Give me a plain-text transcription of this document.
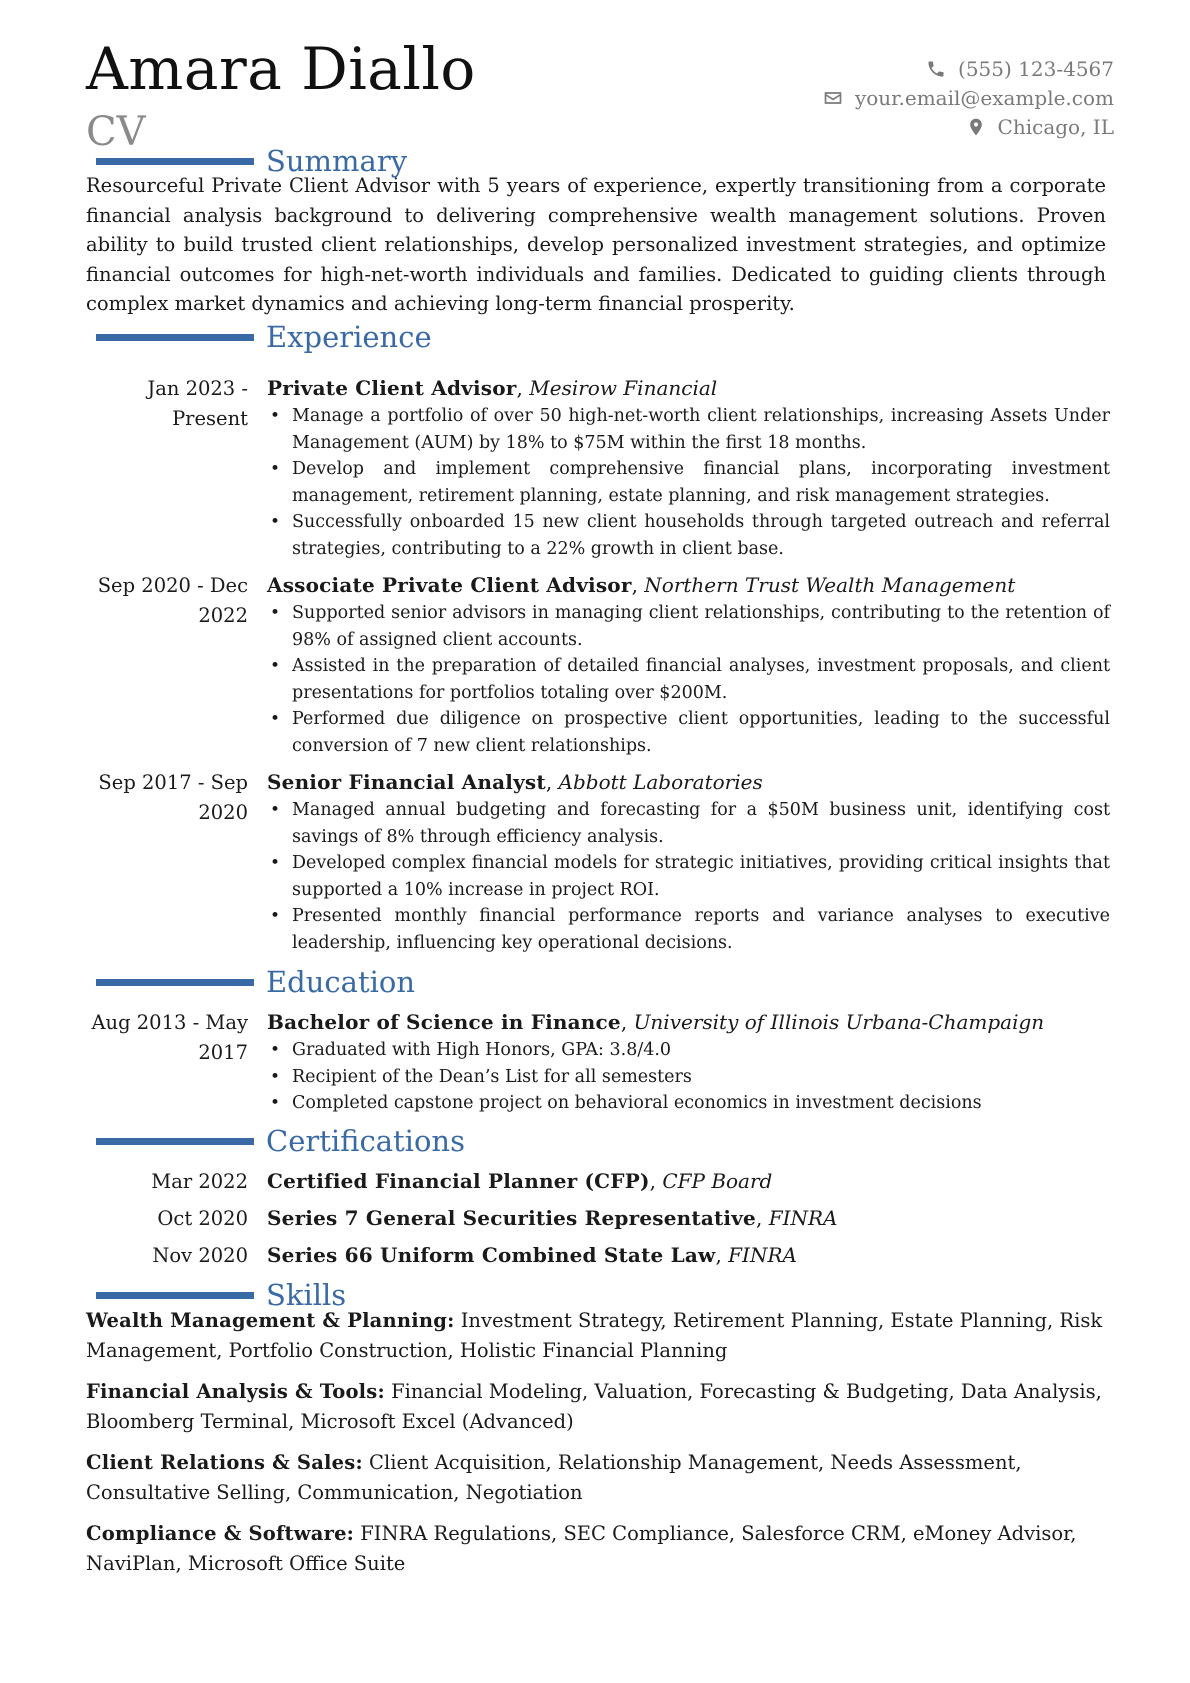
Amara Diallo
CV
(555) 123-4567
your.email@example.com
Chicago, IL
Summary
Resourceful Private Client Advisor with 5 years of experience, expertly transitioning from a corporate financial analysis background to delivering comprehensive wealth management solutions. Proven ability to build trusted client relationships, develop personalized investment strategies, and optimize financial outcomes for high-net-worth individuals and families. Dedicated to guiding clients through complex market dynamics and achieving long-term financial prosperity.
Experience
Jan 2023 - Present
Private Client Advisor, Mesirow Financial
• Manage a portfolio of over 50 high-net-worth client relationships, increasing Assets Under Management (AUM) by 18% to $75M within the first 18 months.
• Develop and implement comprehensive financial plans, incorporating investment management, retirement planning, estate planning, and risk management strategies.
• Successfully onboarded 15 new client households through targeted outreach and referral strategies, contributing to a 22% growth in client base.
Sep 2020 - Dec 2022
Associate Private Client Advisor, Northern Trust Wealth Management
• Supported senior advisors in managing client relationships, contributing to the retention of 98% of assigned client accounts.
• Assisted in the preparation of detailed financial analyses, investment proposals, and client presentations for portfolios totaling over $200M.
• Performed due diligence on prospective client opportunities, leading to the successful conversion of 7 new client relationships.
Sep 2017 - Sep 2020
Senior Financial Analyst, Abbott Laboratories
• Managed annual budgeting and forecasting for a $50M business unit, identifying cost savings of 8% through efficiency analysis.
• Developed complex financial models for strategic initiatives, providing critical insights that supported a 10% increase in project ROI.
• Presented monthly financial performance reports and variance analyses to executive leadership, influencing key operational decisions.
Education
Aug 2013 - May 2017
Bachelor of Science in Finance, University of Illinois Urbana-Champaign
• Graduated with High Honors, GPA: 3.8/4.0
• Recipient of the Dean’s List for all semesters
• Completed capstone project on behavioral economics in investment decisions
Certifications
Mar 2022 Certified Financial Planner (CFP), CFP Board
Oct 2020 Series 7 General Securities Representative, FINRA
Nov 2020 Series 66 Uniform Combined State Law, FINRA
Skills
Wealth Management & Planning: Investment Strategy, Retirement Planning, Estate Planning, Risk Management, Portfolio Construction, Holistic Financial Planning
Financial Analysis & Tools: Financial Modeling, Valuation, Forecasting & Budgeting, Data Analysis, Bloomberg Terminal, Microsoft Excel (Advanced)
Client Relations & Sales: Client Acquisition, Relationship Management, Needs Assessment, Consultative Selling, Communication, Negotiation
Compliance & Software: FINRA Regulations, SEC Compliance, Salesforce CRM, eMoney Advisor, NaviPlan, Microsoft Office Suite
